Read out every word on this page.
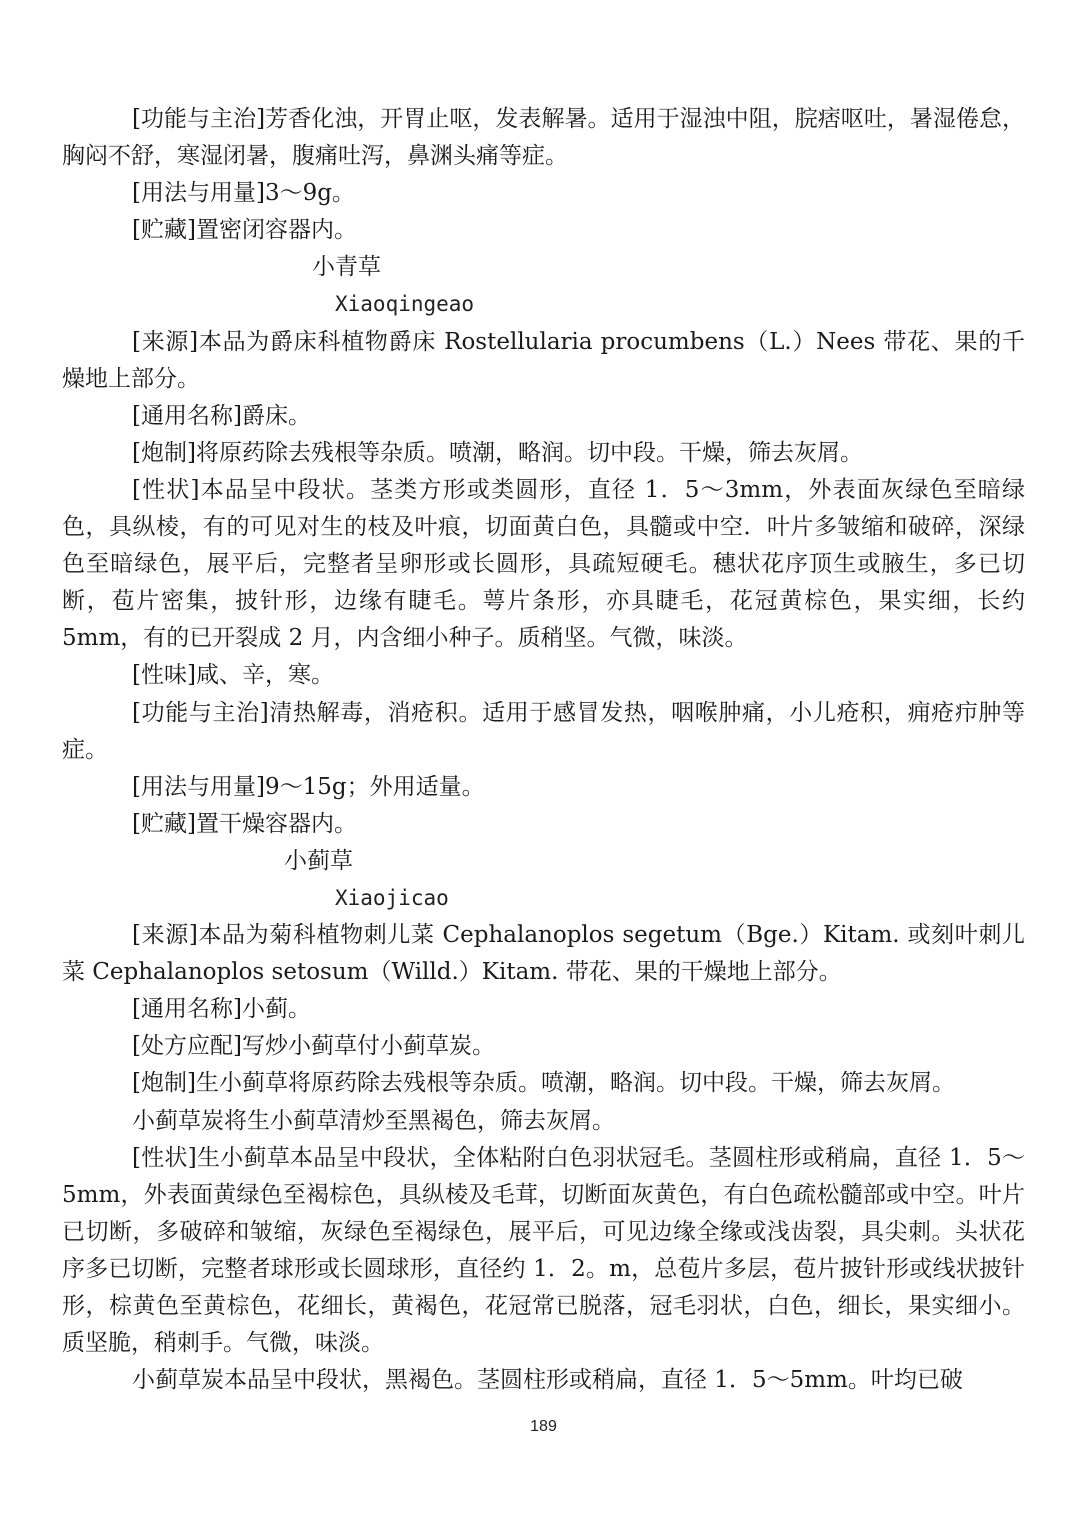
[功能与主治]芳香化浊，开胃止呕，发表解暑。适用于湿浊中阻，脘痞呕吐，暑湿倦怠，胸闷不舒，寒湿闭暑，腹痛吐泻，鼻渊头痛等症。

[用法与用量]3～9g。

[贮藏]置密闭容器内。

小青草
Xiaoqingeao

[来源]本品为爵床科植物爵床 Rostellularia procumbens（L.）Nees 带花、果的千燥地上部分。

[通用名称]爵床。

[炮制]将原药除去残根等杂质。喷潮，略润。切中段。干燥，筛去灰屑。

[性状]本品呈中段状。茎类方形或类圆形，直径 1．5～3mm，外表面灰绿色至暗绿色，具纵棱，有的可见对生的枝及叶痕，切面黄白色，具髓或中空．叶片多皱缩和破碎，深绿色至暗绿色，展平后，完整者呈卵形或长圆形，具疏短硬毛。穗状花序顶生或腋生，多已切断，苞片密集，披针形，边缘有睫毛。萼片条形，亦具睫毛，花冠黄棕色，果实细，长约 5mm，有的已开裂成 2 月，内含细小种子。质稍坚。气微，味淡。

[性味]咸、辛，寒。

[功能与主治]清热解毒，消疮积。适用于感冒发热，咽喉肿痛，小儿疮积，痈疮疖肿等症。

[用法与用量]9～15g；外用适量。

[贮藏]置干燥容器内。

小蓟草
Xiaojicao

[来源]本品为菊科植物刺儿菜 Cephalanoplos segetum（Bge.）Kitam. 或刻叶刺儿菜 Cephalanoplos setosum（Willd.）Kitam. 带花、果的干燥地上部分。

[通用名称]小蓟。

[处方应配]写炒小蓟草付小蓟草炭。

[炮制]生小蓟草将原药除去残根等杂质。喷潮，略润。切中段。干燥，筛去灰屑。

小蓟草炭将生小蓟草清炒至黑褐色，筛去灰屑。

[性状]生小蓟草本品呈中段状，全体粘附白色羽状冠毛。茎圆柱形或稍扁，直径 1．5～5mm，外表面黄绿色至褐棕色，具纵棱及毛茸，切断面灰黄色，有白色疏松髓部或中空。叶片已切断，多破碎和皱缩，灰绿色至褐绿色，展平后，可见边缘全缘或浅齿裂，具尖刺。头状花序多已切断，完整者球形或长圆球形，直径约 1．2。m，总苞片多层，苞片披针形或线状披针形，棕黄色至黄棕色，花细长，黄褐色，花冠常已脱落，冠毛羽状，白色，细长，果实细小。质坚脆，稍刺手。气微，味淡。

小蓟草炭本品呈中段状，黑褐色。茎圆柱形或稍扁，直径 1．5～5mm。叶均已破

189
